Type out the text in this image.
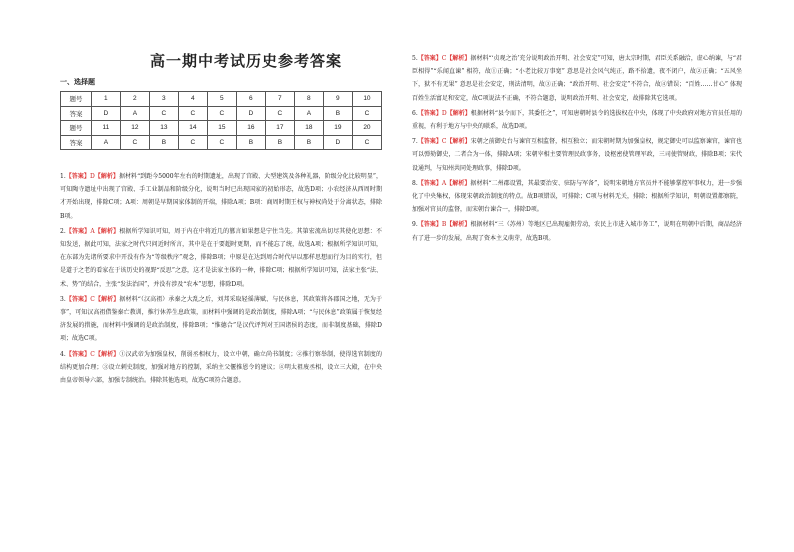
高一期中考试历史参考答案
一、选择题
题号	1	2	3	4	5	6	7	8	9	10
答案	D	A	C	C	C	D	C	A	B	C
题号	11	12	13	14	15	16	17	18	19	20
答案	A	C	B	C	C	B	B	B	D	C
1.【答案】D【解析】据材料“到距今5000年左右的时期遗址，出现了宫殿、大型建筑及各种礼器，阶级分化比较明显”，可知陶寺遗址中出现了宫殿、手工业制品和阶级分化，说明当时已出现国家的初始形态，故选D项；小农经济从西周时期才开始出现，排除C项；A项：周朝是早期国家体制的开端，排除A项；B项：商周时期王权与神权尚处于分离状态，排除B项。
2.【答案】A【解析】根据所学知识可知，周于内在中将近几的篡言如果想是宁住当先。其第宏流出切尽其使化思想：不知发送，据此可知，法家之时代只问近时所言，其中是在于要超时更期，而不能忘了统，故选A项；根据所学知识可知，在东部为先诸所要求中开没有作为“等级秩序”观念，排除B项；中原是在达到周合时代早以那样思想而行为目的实行，但是道于之老的看家在于该历史的视野“反思”之意，这才是法家主体的一种，排除C项；根据所学知识可知，法家主张“法、术、势”的结合，主张“发法治国”，并没有涉及“农本”思想，排除D项。
3.【答案】C【解析】据材料“（汉高祖）承秦之大乱之后，刘邦采取轻徭薄赋、与民休息，其政策将各郡国之地，无为于事”，可知汉高祖借鉴秦亡教训，推行休养生息政策，而材料中强调的是政治制度，排除A项；“与民休息”政策属于恢复经济发展的措施，而材料中强调的是政治制度，排除B项；“惟德合”是汉代评判对王国诸侯的态度，而非制度基础，排除D项；故选C项。
4.【答案】C【解析】①汉武帝为加强皇权，削弱丞相权力，设立中朝，确立尚书制度；②推行察举制，使得选官制度的结构更加合理；③设立刺史制度，加强对地方的控制，采纳主父偃推恩令的建议；④明太祖废丞相，设立三大殿，在中央由皇帝领导六部，加强专制统治。排除其他选项，故选C项符合题意。
5.【答案】C【解析】据材料“‘贞观之治’充分说明政治开明、社会安定”可知，唐太宗时期，君臣关系融洽，虚心纳谏，与“君臣相得”“乐闻直谏” 相符，故①正确；“小老比较万事宽” 意思是社会风气纯正，路不拾遗，夜不闭户，故②正确；“五风坐下，狱不有无果” 意思是社会安定，刑法清明，故③正确；“政治开明、社会安定”不符合，故④错误；“百姓……甘心” 体现百姓生活富足和安定，故C项说法不正确，不符合题意，说明政治开明、社会安定，故排除其它选项。
6.【答案】D【解析】根据材料“县令而下，其委任之”，可知唐朝时县令的选拔权在中央，体现了中央政府对地方官员任用的重视，有利于地方与中央的联系，故选D项。
7.【答案】C【解析】宋朝之前御史台与谏官互相监督，相互独立；而宋朝时期为加强皇权，规定御史可以监察谏官，谏官也可以弹劾御史，二者合为一体，排除A项；宋朝宰相主要管理民政事务，设枢密使管理军政，三司使管财政，排除B项；宋代设通判，与知州共同处理政事，排除D项。
8.【答案】A【解析】据材料“二州郡设置，其最要治安、驻防与军备”，说明宋朝地方官员并不能够掌控军事权力，进一步强化了中央集权，体现宋朝政治制度的特点。故B项错误，可排除；C项与材料无关，排除；根据所学知识，明朝设置都察院，加强对官员的监督，而宋朝台谏合一，排除D项。
9.【答案】B【解析】根据材料“三（苏州）等地区已出现雇佣劳动，农民上市进入城市务工”，说明在明朝中后期，商品经济有了进一步的发展，出现了资本主义萌芽，故选B项。
